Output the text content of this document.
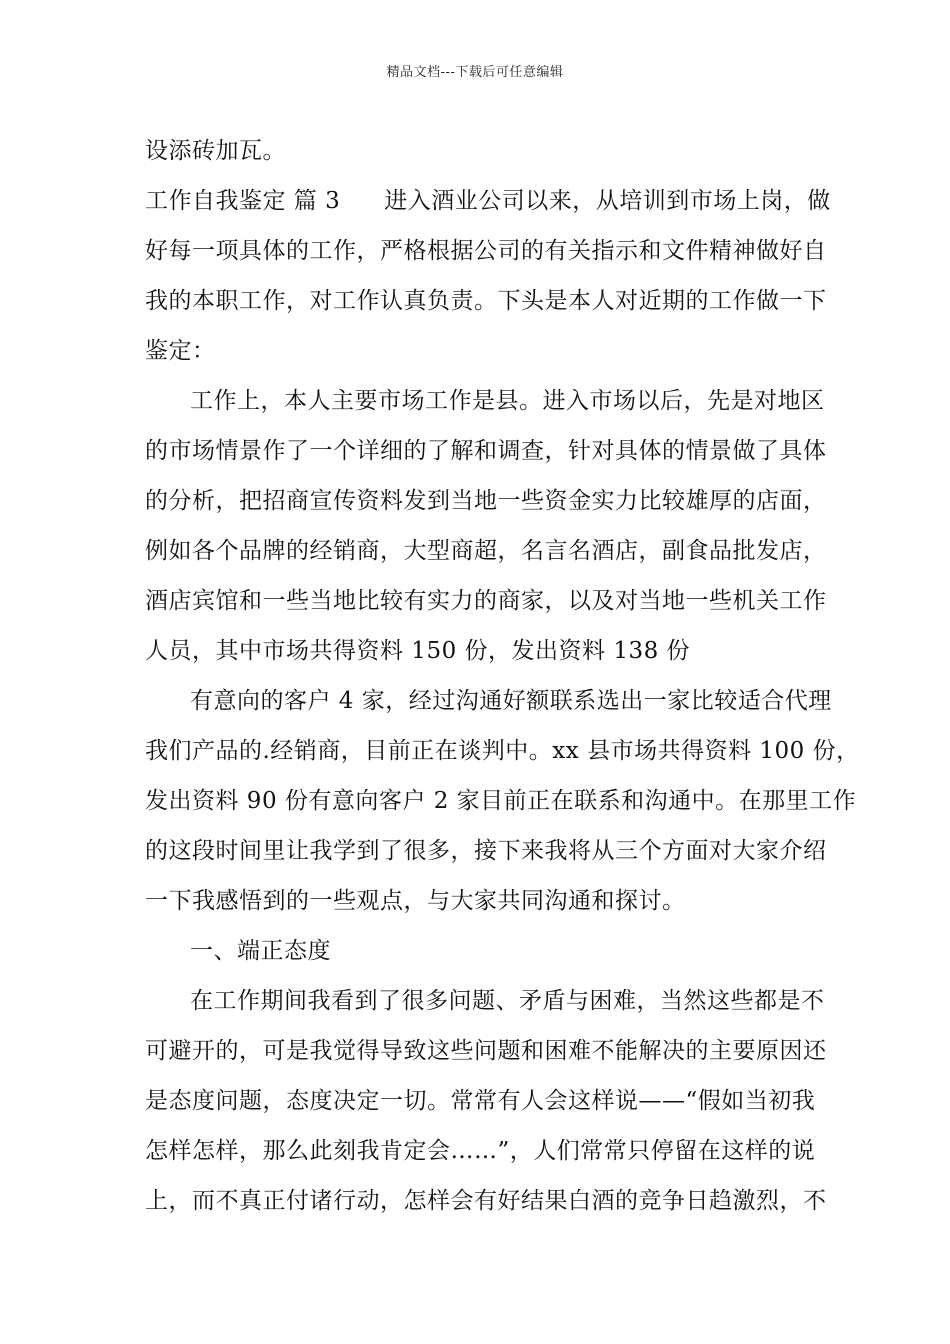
精品文档---下载后可任意编辑
设添砖加瓦。
工作自我鉴定 篇 3 进入酒业公司以来，从培训到市场上岗，做
好每一项具体的工作，严格根据公司的有关指示和文件精神做好自
我的本职工作，对工作认真负责。下头是本人对近期的工作做一下
鉴定：
工作上，本人主要市场工作是县。进入市场以后，先是对地区
的市场情景作了一个详细的了解和调查，针对具体的情景做了具体
的分析，把招商宣传资料发到当地一些资金实力比较雄厚的店面，
例如各个品牌的经销商，大型商超，名言名酒店，副食品批发店，
酒店宾馆和一些当地比较有实力的商家，以及对当地一些机关工作
人员，其中市场共得资料 150 份，发出资料 138 份
有意向的客户 4 家，经过沟通好额联系选出一家比较适合代理
我们产品的.经销商，目前正在谈判中。xx 县市场共得资料 100 份，
发出资料 90 份有意向客户 2 家目前正在联系和沟通中。在那里工作
的这段时间里让我学到了很多，接下来我将从三个方面对大家介绍
一下我感悟到的一些观点，与大家共同沟通和探讨。
一、端正态度
在工作期间我看到了很多问题、矛盾与困难，当然这些都是不
可避开的，可是我觉得导致这些问题和困难不能解决的主要原因还
是态度问题，态度决定一切。常常有人会这样说——“假如当初我
怎样怎样，那么此刻我肯定会……”，人们常常只停留在这样的说
上，而不真正付诸行动，怎样会有好结果白酒的竞争日趋激烈，不
